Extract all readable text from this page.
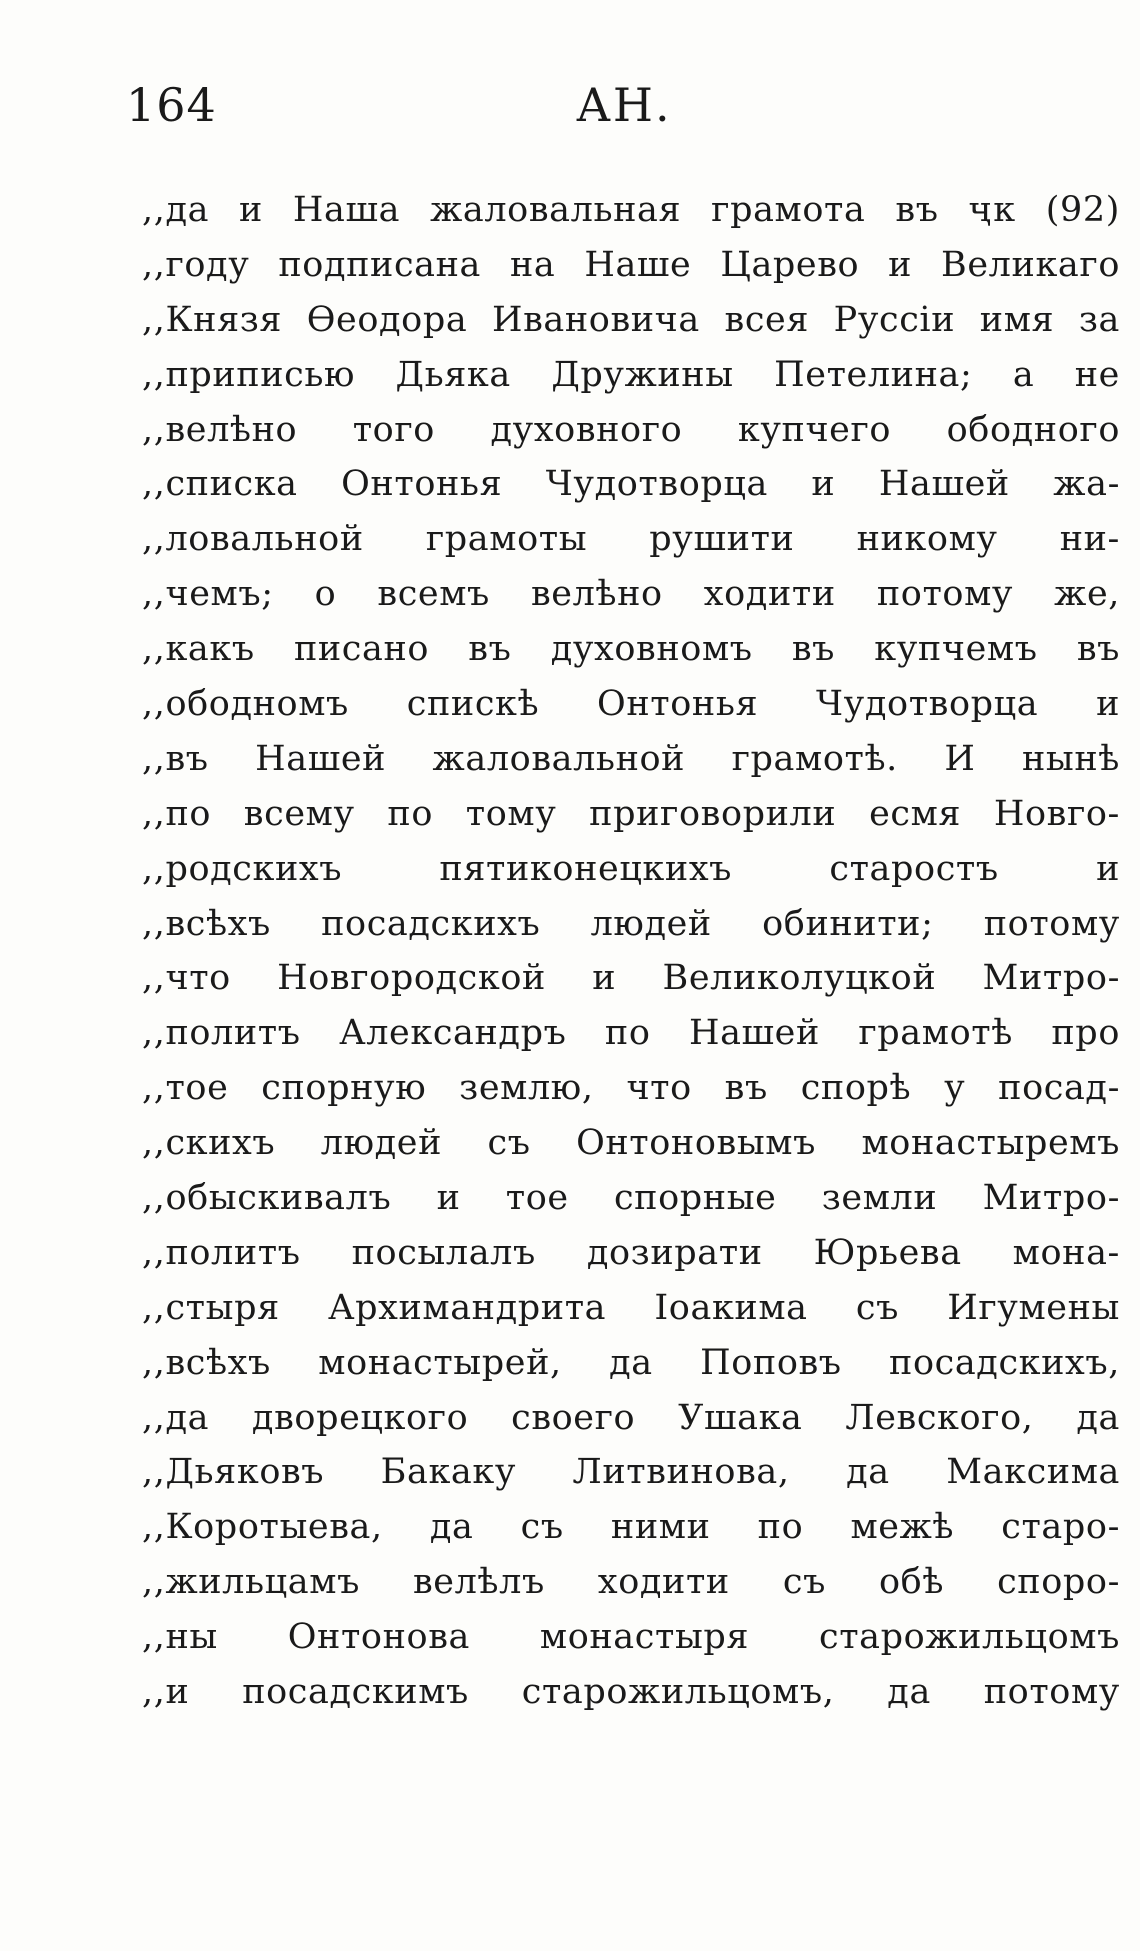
164	АН.
,,да и Наша жаловальная грамота въ ҷк (92)
,,году подписана на Наше Царево и Великаго
,,Князя Өеодора Ивановича всея Руссіи имя за
,,приписью Дьяка Дружины Петелина; а не
,,велѣно того духовного купчего ободного
,,списка Онтонья Чудотворца и Нашей жа-
,,ловальной грамоты рушити никому ни-
,,чемъ; о всемъ велѣно ходити потому же,
,,какъ писано въ духовномъ въ купчемъ въ
,,ободномъ спискѣ Онтонья Чудотворца и
,,въ Нашей жаловальной грамотѣ. И нынѣ
,,по всему по тому приговорили есмя Новго-
,,родскихъ пятиконецкихъ старостъ и
,,всѣхъ посадскихъ людей обинити; потому
,,что Новгородской и Великолуцкой Митро-
,,политъ Александръ по Нашей грамотѣ про
,,тое спорную землю, что въ спорѣ у посад-
,,скихъ людей съ Онтоновымъ монастыремъ
,,обыскивалъ и тое спорные земли Митро-
,,политъ посылалъ дозирати Юрьева мона-
,,стыря Архимандрита Іоакима съ Игумены
,,всѣхъ монастырей, да Поповъ посадскихъ,
,,да дворецкого своего Ушака Левского, да
,,Дьяковъ Бакаку Литвинова, да Максима
,,Коротыева, да съ ними по межѣ старо-
,,жильцамъ велѣлъ ходити съ обѣ споро-
,,ны Онтонова монастыря старожильцомъ
,,и посадскимъ старожильцомъ, да потому
